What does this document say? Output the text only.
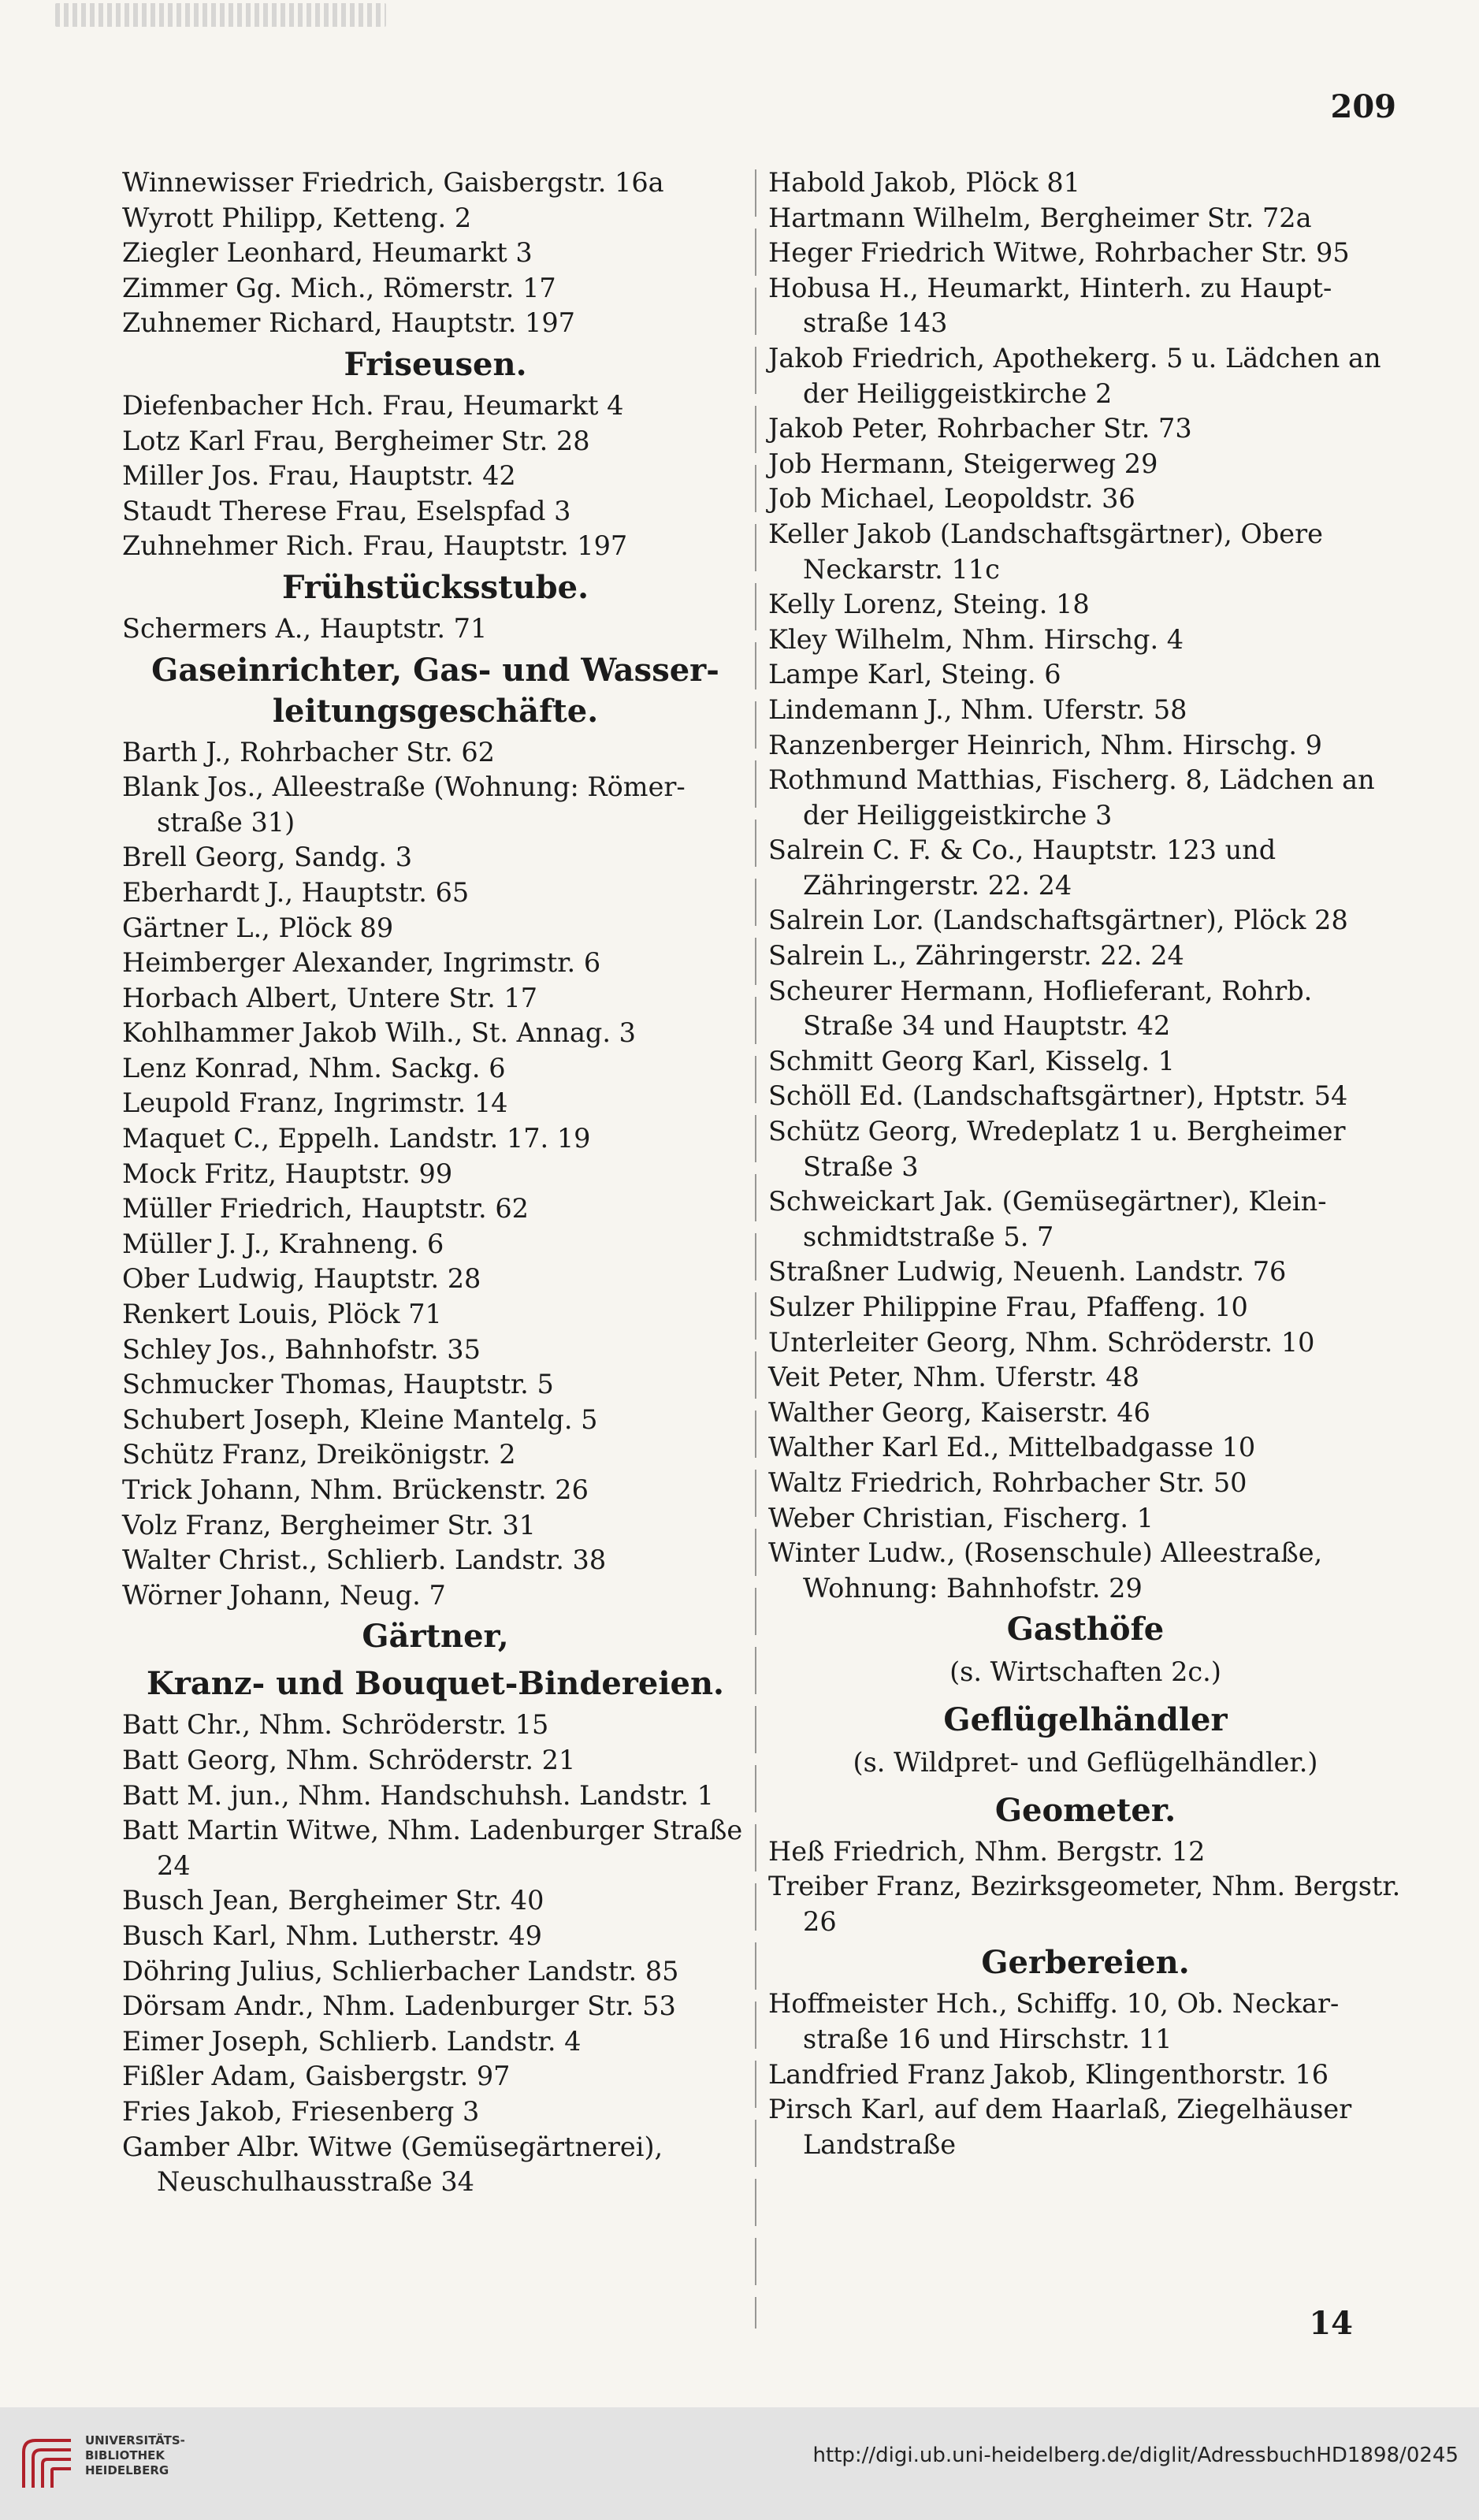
209
Winnewisser Friedrich, Gaisbergstr. 16a
Wyrott Philipp, Ketteng. 2
Ziegler Leonhard, Heumarkt 3
Zimmer Gg. Mich., Römerstr. 17
Zuhnemer Richard, Hauptstr. 197
Friseusen.
Diefenbacher Hch. Frau, Heumarkt 4
Lotz Karl Frau, Bergheimer Str. 28
Miller Jos. Frau, Hauptstr. 42
Staudt Therese Frau, Eselspfad 3
Zuhnehmer Rich. Frau, Hauptstr. 197
Frühstücksstube.
Schermers A., Hauptstr. 71
Gaseinrichter, Gas- und Wasser-leitungsgeschäfte.
Barth J., Rohrbacher Str. 62
Blank Jos., Alleestraße (Wohnung: Römer-straße 31)
Brell Georg, Sandg. 3
Eberhardt J., Hauptstr. 65
Gärtner L., Plöck 89
Heimberger Alexander, Ingrimstr. 6
Horbach Albert, Untere Str. 17
Kohlhammer Jakob Wilh., St. Annag. 3
Lenz Konrad, Nhm. Sackg. 6
Leupold Franz, Ingrimstr. 14
Maquet C., Eppelh. Landstr. 17. 19
Mock Fritz, Hauptstr. 99
Müller Friedrich, Hauptstr. 62
Müller J. J., Krahneng. 6
Ober Ludwig, Hauptstr. 28
Renkert Louis, Plöck 71
Schley Jos., Bahnhofstr. 35
Schmucker Thomas, Hauptstr. 5
Schubert Joseph, Kleine Mantelg. 5
Schütz Franz, Dreikönigstr. 2
Trick Johann, Nhm. Brückenstr. 26
Volz Franz, Bergheimer Str. 31
Walter Christ., Schlierb. Landstr. 38
Wörner Johann, Neug. 7
Gärtner,
Kranz- und Bouquet-Bindereien.
Batt Chr., Nhm. Schröderstr. 15
Batt Georg, Nhm. Schröderstr. 21
Batt M. jun., Nhm. Handschuhsh. Landstr. 1
Batt Martin Witwe, Nhm. Ladenburger Straße 24
Busch Jean, Bergheimer Str. 40
Busch Karl, Nhm. Lutherstr. 49
Döhring Julius, Schlierbacher Landstr. 85
Dörsam Andr., Nhm. Ladenburger Str. 53
Eimer Joseph, Schlierb. Landstr. 4
Fißler Adam, Gaisbergstr. 97
Fries Jakob, Friesenberg 3
Gamber Albr. Witwe (Gemüsegärtnerei), Neuschulhausstraße 34
Habold Jakob, Plöck 81
Hartmann Wilhelm, Bergheimer Str. 72a
Heger Friedrich Witwe, Rohrbacher Str. 95
Hobusa H., Heumarkt, Hinterh. zu Haupt-straße 143
Jakob Friedrich, Apothekerg. 5 u. Lädchen an der Heiliggeistkirche 2
Jakob Peter, Rohrbacher Str. 73
Job Hermann, Steigerweg 29
Job Michael, Leopoldstr. 36
Keller Jakob (Landschaftsgärtner), Obere Neckarstr. 11c
Kelly Lorenz, Steing. 18
Kley Wilhelm, Nhm. Hirschg. 4
Lampe Karl, Steing. 6
Lindemann J., Nhm. Uferstr. 58
Ranzenberger Heinrich, Nhm. Hirschg. 9
Rothmund Matthias, Fischerg. 8, Lädchen an der Heiliggeistkirche 3
Salrein C. F. & Co., Hauptstr. 123 und Zähringerstr. 22. 24
Salrein Lor. (Landschaftsgärtner), Plöck 28
Salrein L., Zähringerstr. 22. 24
Scheurer Hermann, Hoflieferant, Rohrb. Straße 34 und Hauptstr. 42
Schmitt Georg Karl, Kisselg. 1
Schöll Ed. (Landschaftsgärtner), Hptstr. 54
Schütz Georg, Wredeplatz 1 u. Bergheimer Straße 3
Schweickart Jak. (Gemüsegärtner), Klein-schmidtstraße 5. 7
Straßner Ludwig, Neuenh. Landstr. 76
Sulzer Philippine Frau, Pfaffeng. 10
Unterleiter Georg, Nhm. Schröderstr. 10
Veit Peter, Nhm. Uferstr. 48
Walther Georg, Kaiserstr. 46
Walther Karl Ed., Mittelbadgasse 10
Waltz Friedrich, Rohrbacher Str. 50
Weber Christian, Fischerg. 1
Winter Ludw., (Rosenschule) Alleestraße, Wohnung: Bahnhofstr. 29
Gasthöfe
(s. Wirtschaften 2c.)
Geflügelhändler
(s. Wildpret- und Geflügelhändler.)
Geometer.
Heß Friedrich, Nhm. Bergstr. 12
Treiber Franz, Bezirksgeometer, Nhm. Bergstr. 26
Gerbereien.
Hoffmeister Hch., Schiffg. 10, Ob. Neckar-straße 16 und Hirschstr. 11
Landfried Franz Jakob, Klingenthorstr. 16
Pirsch Karl, auf dem Haarlaß, Ziegelhäuser Landstraße
14
UNIVERSITÄTS-
BIBLIOTHEK
HEIDELBERG
http://digi.ub.uni-heidelberg.de/diglit/AdressbuchHD1898/0245
